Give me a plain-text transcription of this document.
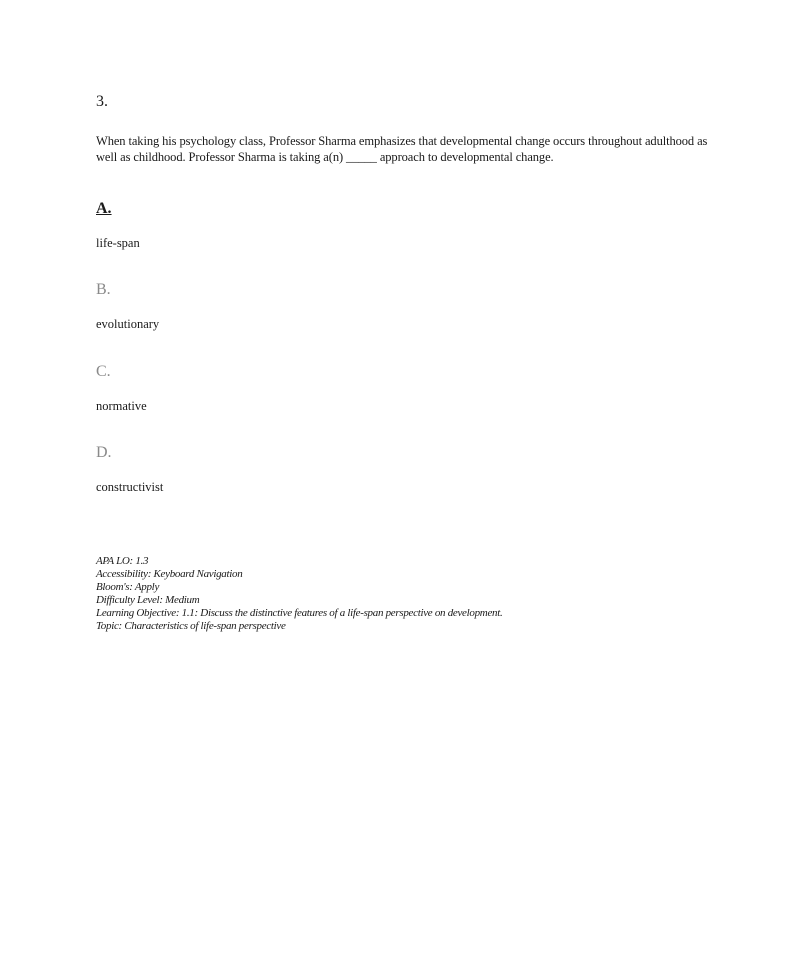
3.
When taking his psychology class, Professor Sharma emphasizes that developmental change occurs throughout adulthood as well as childhood. Professor Sharma is taking a(n) _____ approach to developmental change.
A.
life-span
B.
evolutionary
C.
normative
D.
constructivist
APA LO: 1.3
Accessibility: Keyboard Navigation
Bloom's: Apply
Difficulty Level: Medium
Learning Objective: 1.1: Discuss the distinctive features of a life-span perspective on development.
Topic: Characteristics of life-span perspective
